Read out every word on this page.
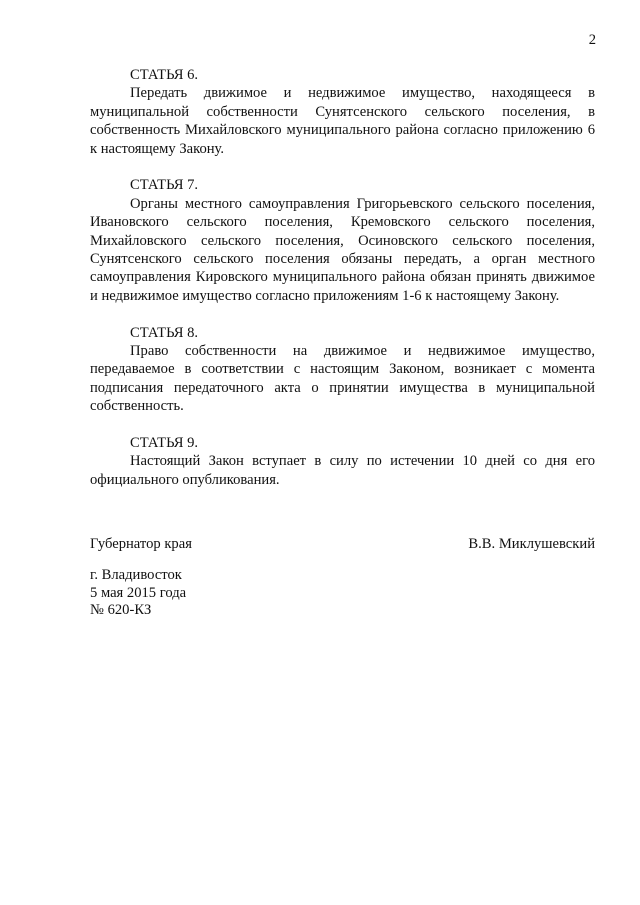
2
СТАТЬЯ 6.
Передать движимое и недвижимое имущество, находящееся в муниципальной собственности Сунятсенского сельского поселения, в собственность Михайловского муниципального района согласно приложению 6 к настоящему Закону.
СТАТЬЯ 7.
Органы местного самоуправления Григорьевского сельского поселения, Ивановского сельского поселения, Кремовского сельского поселения, Михайловского сельского поселения, Осиновского сельского поселения, Сунятсенского сельского поселения обязаны передать, а орган местного самоуправления Кировского муниципального района обязан принять движимое и недвижимое имущество согласно приложениям 1-6 к настоящему Закону.
СТАТЬЯ 8.
Право собственности на движимое и недвижимое имущество, передаваемое в соответствии с настоящим Законом, возникает с момента подписания передаточного акта о принятии имущества в муниципальной собственность.
СТАТЬЯ 9.
Настоящий Закон вступает в силу по истечении 10 дней со дня его официального опубликования.
Губернатор края	В.В. Миклушевский
г. Владивосток
5 мая 2015 года
№ 620-КЗ
